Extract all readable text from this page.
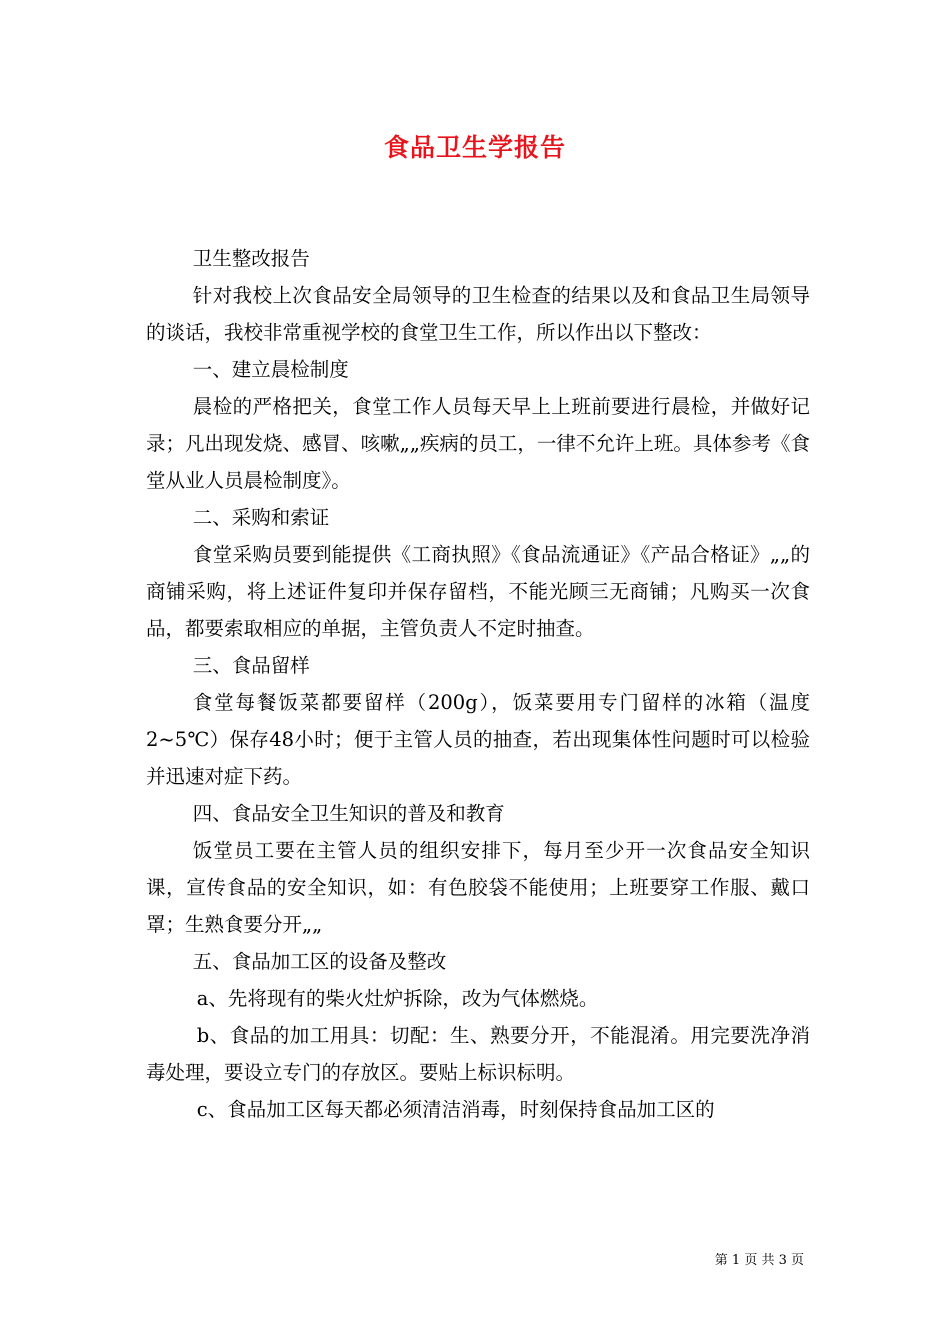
食品卫生学报告

卫生整改报告

针对我校上次食品安全局领导的卫生检查的结果以及和食品卫生局领导的谈话，我校非常重视学校的食堂卫生工作，所以作出以下整改：

一、建立晨检制度

晨检的严格把关，食堂工作人员每天早上上班前要进行晨检，并做好记录；凡出现发烧、感冒、咳嗽„„疾病的员工，一律不允许上班。具体参考《食堂从业人员晨检制度》。

二、采购和索证

食堂采购员要到能提供《工商执照》《食品流通证》《产品合格证》„„的商铺采购，将上述证件复印并保存留档，不能光顾三无商铺；凡购买一次食品，都要索取相应的单据，主管负责人不定时抽查。

三、食品留样

食堂每餐饭菜都要留样（200g），饭菜要用专门留样的冰箱（温度2~5℃）保存48小时；便于主管人员的抽查，若出现集体性问题时可以检验并迅速对症下药。

四、食品安全卫生知识的普及和教育

饭堂员工要在主管人员的组织安排下，每月至少开一次食品安全知识课，宣传食品的安全知识，如：有色胶袋不能使用；上班要穿工作服、戴口罩；生熟食要分开„„

五、食品加工区的设备及整改

a、先将现有的柴火灶炉拆除，改为气体燃烧。

b、食品的加工用具：切配：生、熟要分开，不能混淆。用完要洗净消毒处理，要设立专门的存放区。要贴上标识标明。

c、食品加工区每天都必须清洁消毒，时刻保持食品加工区的

第 1 页 共 3 页
